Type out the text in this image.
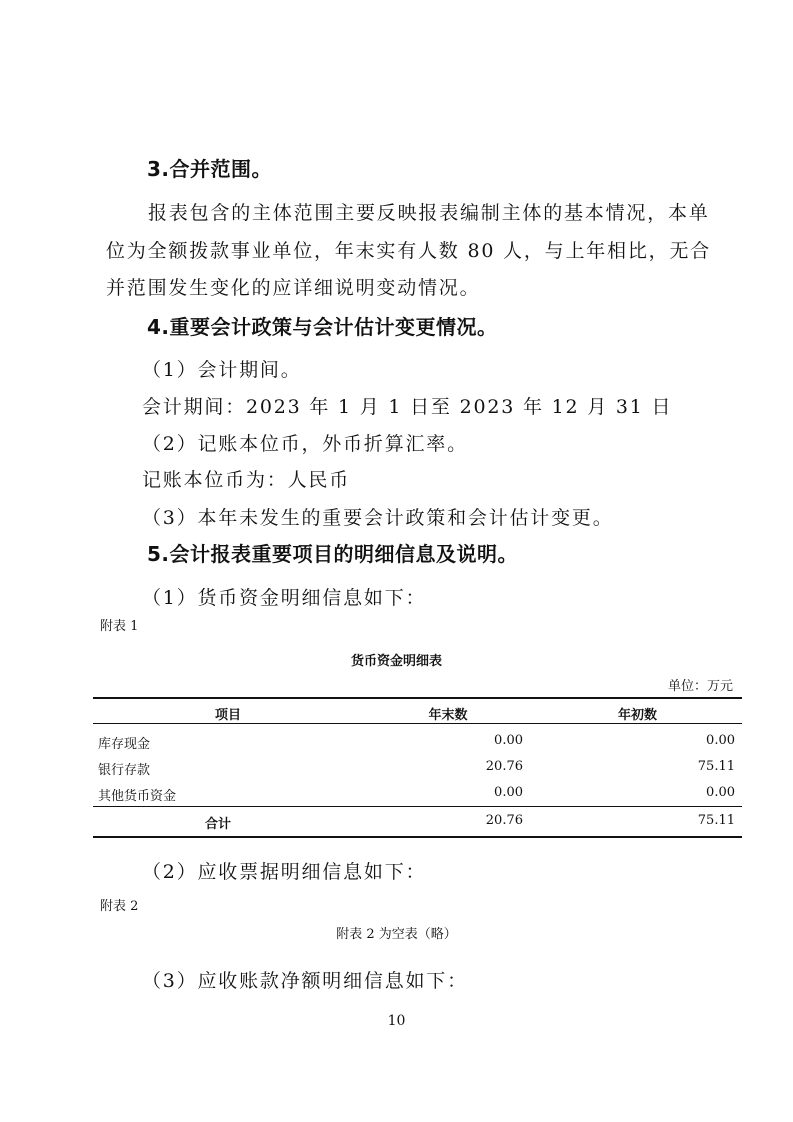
3.合并范围。
报表包含的主体范围主要反映报表编制主体的基本情况，本单
位为全额拨款事业单位，年末实有人数 80 人，与上年相比，无合
并范围发生变化的应详细说明变动情况。
4.重要会计政策与会计估计变更情况。
（1）会计期间。
会计期间：2023 年 1 月 1 日至 2023 年 12 月 31 日
（2）记账本位币，外币折算汇率。
记账本位币为：人民币
（3）本年未发生的重要会计政策和会计估计变更。
5.会计报表重要项目的明细信息及说明。
（1）货币资金明细信息如下：
附表 1
货币资金明细表
单位：万元
项目	年末数	年初数
库存现金	0.00	0.00
银行存款	20.76	75.11
其他货币资金	0.00	0.00
合计	20.76	75.11
（2）应收票据明细信息如下：
附表 2
附表 2 为空表（略）
（3）应收账款净额明细信息如下：
10
